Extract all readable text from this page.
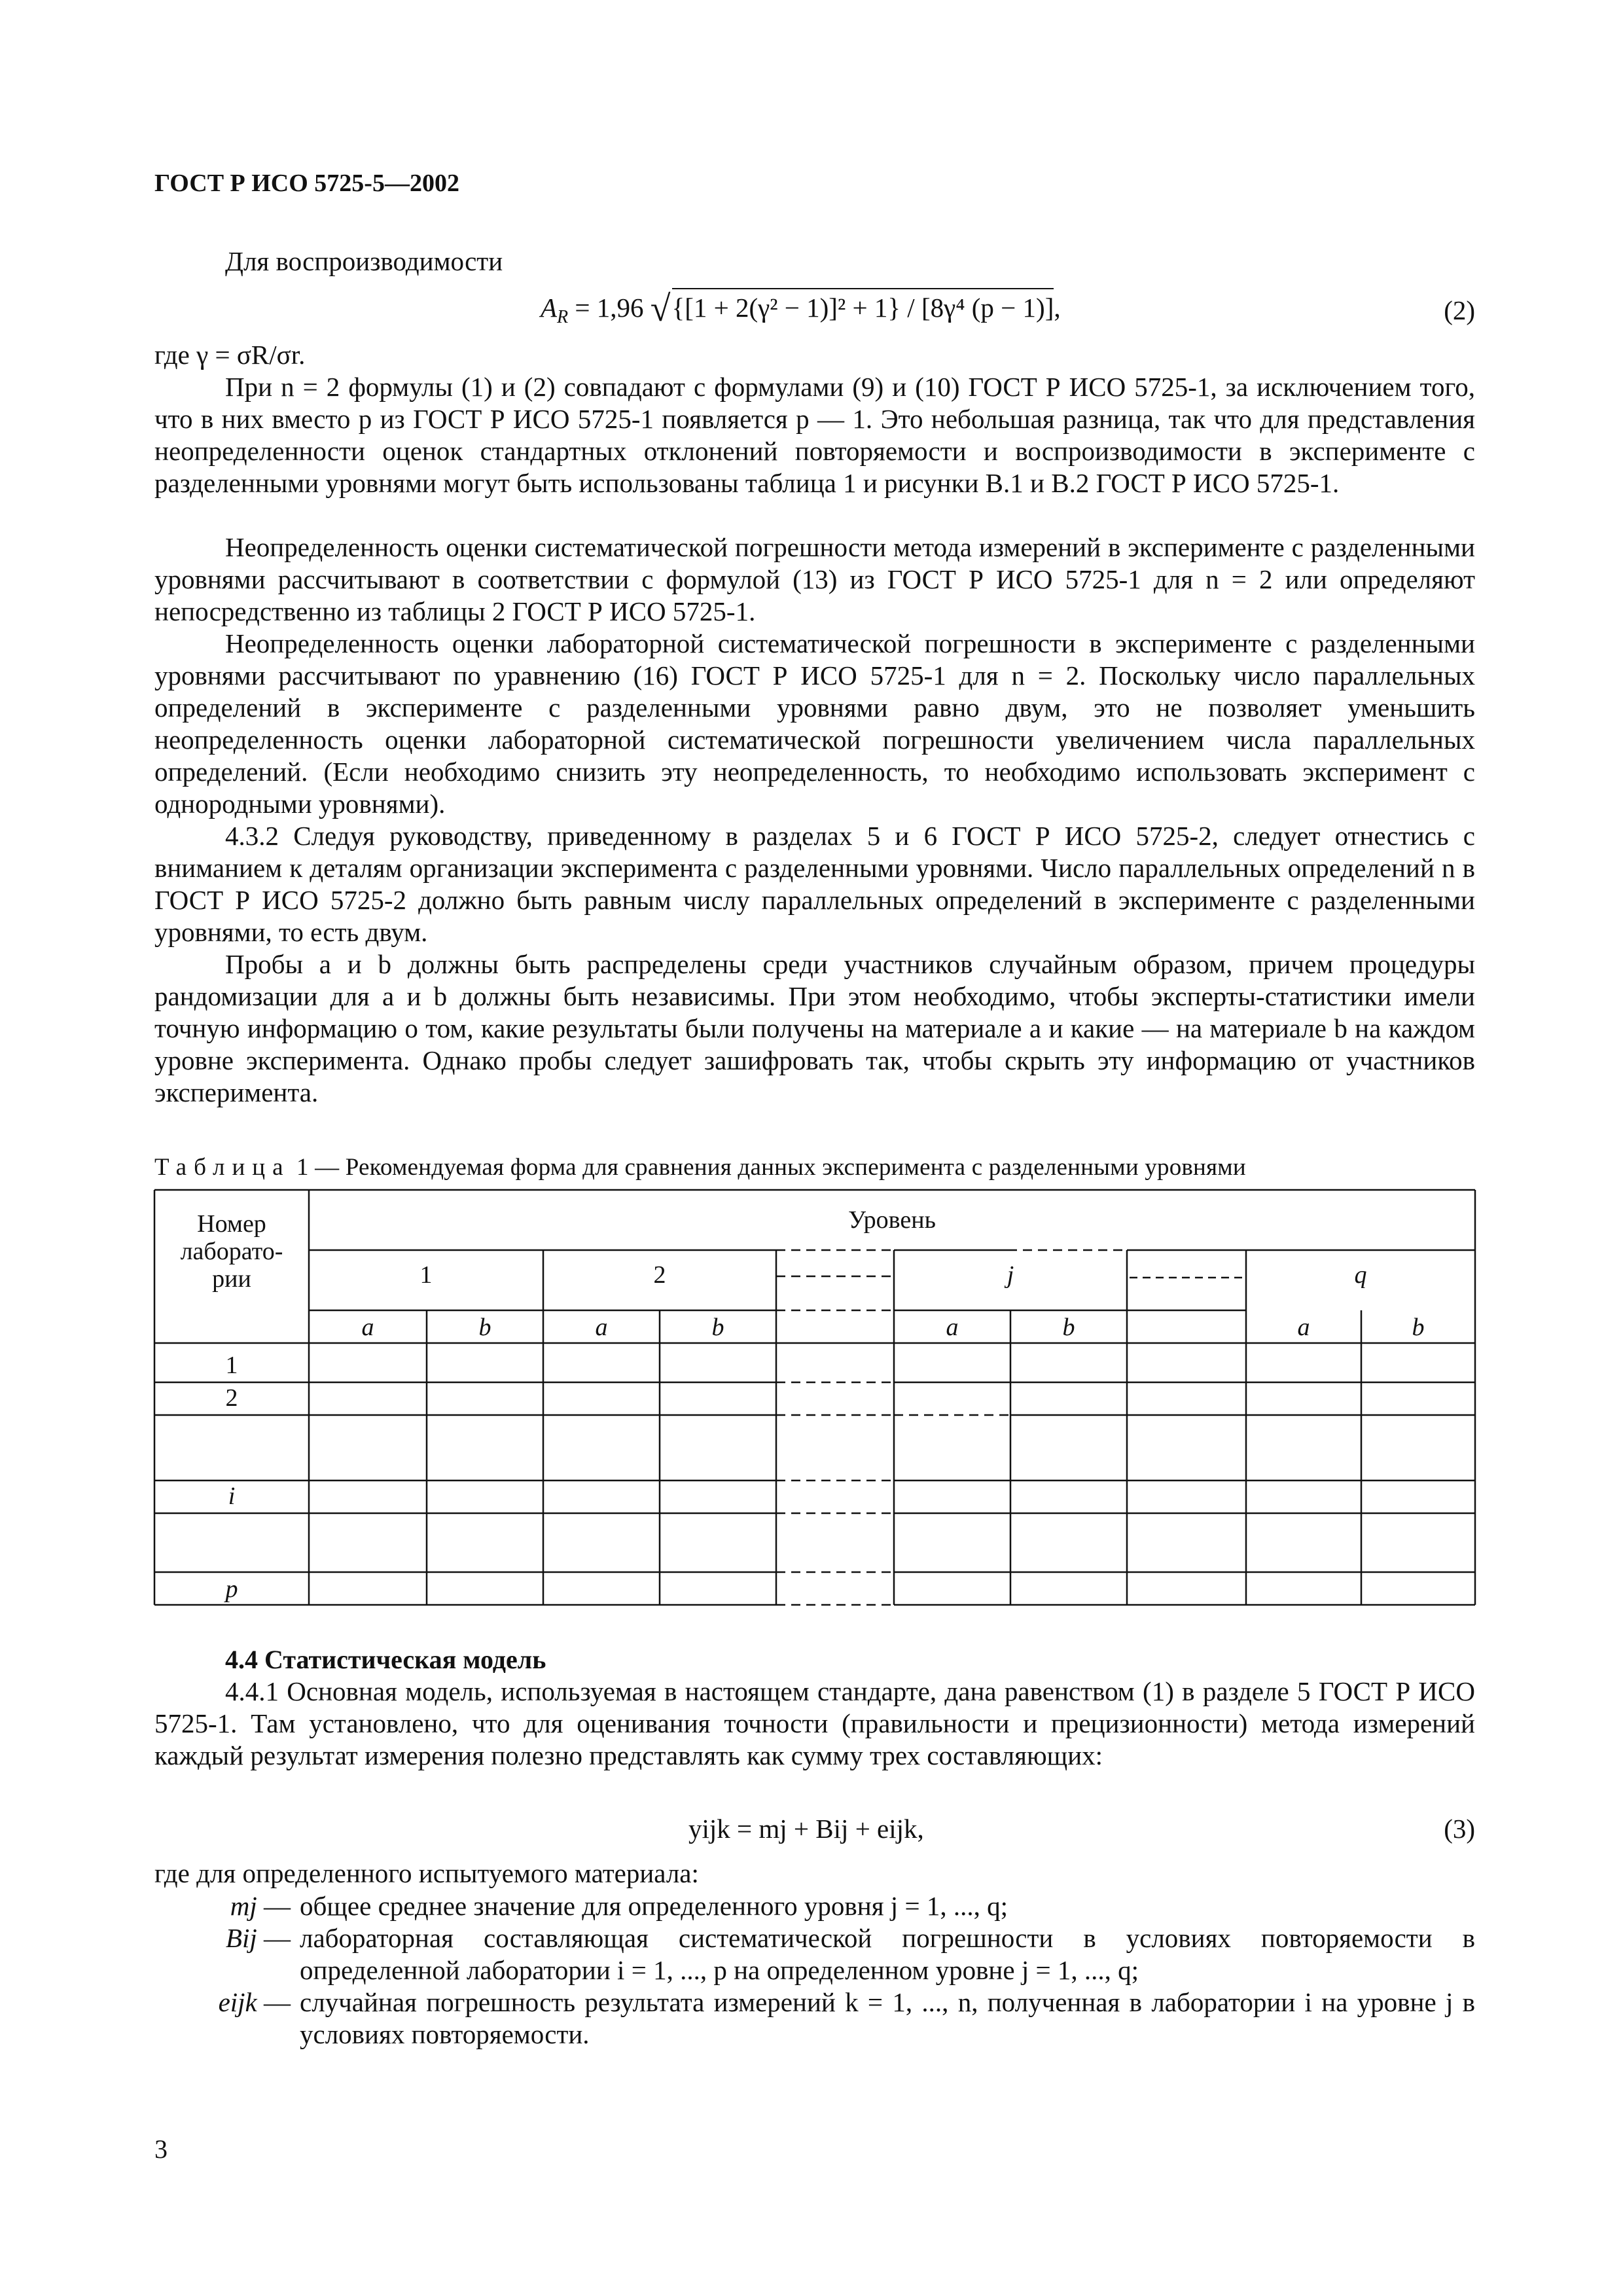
ГОСТ Р ИСО 5725-5—2002
Для воспроизводимости
$A_R = 1,96$ √{[1 + 2(γ² − 1)]² + 1} / [8γ⁴ (p − 1)],	(2)
где γ = σR/σr.
При n = 2 формулы (1) и (2) совпадают с формулами (9) и (10) ГОСТ Р ИСО 5725-1, за исключением того, что в них вместо p из ГОСТ Р ИСО 5725-1 появляется p — 1. Это небольшая разница, так что для представления неопределенности оценок стандартных отклонений повторяемости и воспроизводимости в эксперименте с разделенными уровнями могут быть использованы таблица 1 и рисунки B.1 и B.2 ГОСТ Р ИСО 5725-1.
Неопределенность оценки систематической погрешности метода измерений в эксперименте с разделенными уровнями рассчитывают в соответствии с формулой (13) из ГОСТ Р ИСО 5725-1 для n = 2 или определяют непосредственно из таблицы 2 ГОСТ Р ИСО 5725-1.
Неопределенность оценки лабораторной систематической погрешности в эксперименте с разделенными уровнями рассчитывают по уравнению (16) ГОСТ Р ИСО 5725-1 для n = 2. Поскольку число параллельных определений в эксперименте с разделенными уровнями равно двум, это не позволяет уменьшить неопределенность оценки лабораторной систематической погрешности увеличением числа параллельных определений. (Если необходимо снизить эту неопределенность, то необходимо использовать эксперимент с однородными уровнями).
4.3.2 Следуя руководству, приведенному в разделах 5 и 6 ГОСТ Р ИСО 5725-2, следует отнестись с вниманием к деталям организации эксперимента с разделенными уровнями. Число параллельных определений n в ГОСТ Р ИСО 5725-2 должно быть равным числу параллельных определений в эксперименте с разделенными уровнями, то есть двум.
Пробы a и b должны быть распределены среди участников случайным образом, причем процедуры рандомизации для a и b должны быть независимы. При этом необходимо, чтобы эксперты-статистики имели точную информацию о том, какие результаты были получены на материале a и какие — на материале b на каждом уровне эксперимента. Однако пробы следует зашифровать так, чтобы скрыть эту информацию от участников эксперимента.
Таблица 1 — Рекомендуемая форма для сравнения данных эксперимента с разделенными уровнями
Номер
лаборато-
рии
Уровень
1	2	j	q
a	b	a	b	a	b	a	b
1
2
i
p
4.4 Статистическая модель
4.4.1 Основная модель, используемая в настоящем стандарте, дана равенством (1) в разделе 5 ГОСТ Р ИСО 5725-1. Там установлено, что для оценивания точности (правильности и прецизионности) метода измерений каждый результат измерения полезно представлять как сумму трех составляющих:
yijk = mj + Bij + eijk,	(3)
где для определенного испытуемого материала:
mj — общее среднее значение для определенного уровня j = 1, ..., q;
Bij — лабораторная составляющая систематической погрешности в условиях повторяемости в определенной лаборатории i = 1, ..., p на определенном уровне j = 1, ..., q;
eijk — случайная погрешность результата измерений k = 1, ..., n, полученная в лаборатории i на уровне j в условиях повторяемости.
3
